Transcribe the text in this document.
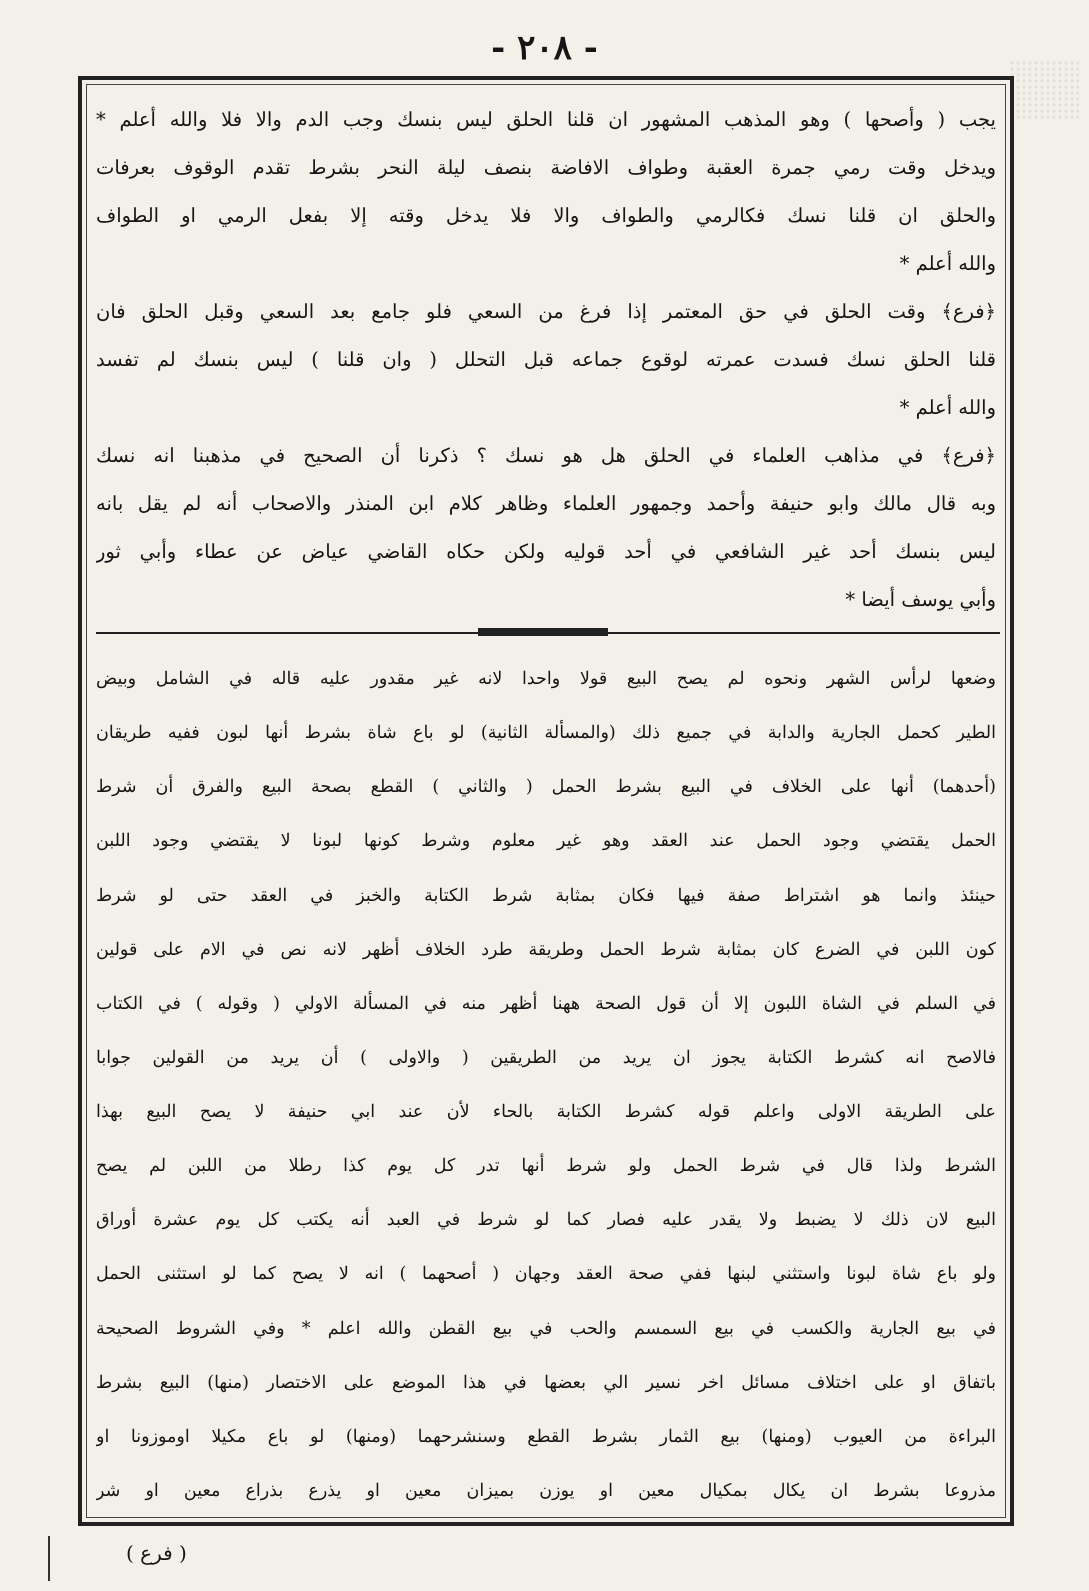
- ٢٠٨ -
يجب ( وأصحها ) وهو المذهب المشهور ان قلنا الحلق ليس بنسك وجب الدم والا فلا والله أعلم *
ويدخل وقت رمي جمرة العقبة وطواف الافاضة بنصف ليلة النحر بشرط تقدم الوقوف بعرفات
والحلق ان قلنا نسك فكالرمي والطواف والا فلا يدخل وقته إلا بفعل الرمي او الطواف
والله أعلم *
﴿فرع﴾ وقت الحلق في حق المعتمر إذا فرغ من السعي فلو جامع بعد السعي وقبل الحلق فان
قلنا الحلق نسك فسدت عمرته لوقوع جماعه قبل التحلل ( وان قلنا ) ليس بنسك لم تفسد
والله أعلم *
﴿فرع﴾ في مذاهب العلماء في الحلق هل هو نسك ؟ ذكرنا أن الصحيح في مذهبنا انه نسك
وبه قال مالك وابو حنيفة وأحمد وجمهور العلماء وظاهر كلام ابن المنذر والاصحاب أنه لم يقل بانه
ليس بنسك أحد غير الشافعي في أحد قوليه ولكن حكاه القاضي عياض عن عطاء وأبي ثور
وأبي يوسف أيضا *
وضعها لرأس الشهر ونحوه لم يصح البيع قولا واحدا لانه غير مقدور عليه قاله في الشامل وبيض
الطير كحمل الجارية والدابة في جميع ذلك (والمسألة الثانية) لو باع شاة بشرط أنها لبون ففيه طريقان
(أحدهما) أنها على الخلاف في البيع بشرط الحمل ( والثاني ) القطع بصحة البيع والفرق أن شرط
الحمل يقتضي وجود الحمل عند العقد وهو غير معلوم وشرط كونها لبونا لا يقتضي وجود اللبن
حينئذ وانما هو اشتراط صفة فيها فكان بمثابة شرط الكتابة والخبز في العقد حتى لو شرط
كون اللبن في الضرع كان بمثابة شرط الحمل وطريقة طرد الخلاف أظهر لانه نص في الام على قولين
في السلم في الشاة اللبون إلا أن قول الصحة ههنا أظهر منه في المسألة الاولي ( وقوله ) في الكتاب
فالاصح انه كشرط الكتابة يجوز ان يريد من الطريقين ( والاولى ) أن يريد من القولين جوابا
على الطريقة الاولى واعلم قوله كشرط الكتابة بالحاء لأن عند ابي حنيفة لا يصح البيع بهذا
الشرط ولذا قال في شرط الحمل ولو شرط أنها تدر كل يوم كذا رطلا من اللبن لم يصح
البيع لان ذلك لا يضبط ولا يقدر عليه فصار كما لو شرط في العبد أنه يكتب كل يوم عشرة أوراق
ولو باع شاة لبونا واستثني لبنها ففي صحة العقد وجهان ( أصحهما ) انه لا يصح كما لو استثنى الحمل
في بيع الجارية والكسب في بيع السمسم والحب في بيع القطن والله اعلم * وفي الشروط الصحيحة
باتفاق او على اختلاف مسائل اخر نسير الي بعضها في هذا الموضع على الاختصار (منها) البيع بشرط
البراءة من العيوب (ومنها) بيع الثمار بشرط القطع وسنشرحهما (ومنها) لو باع مكيلا اوموزونا او
مذروعا بشرط ان يكال بمكيال معين او يوزن بميزان معين او يذرع بذراع معين او شر
( فرع )
